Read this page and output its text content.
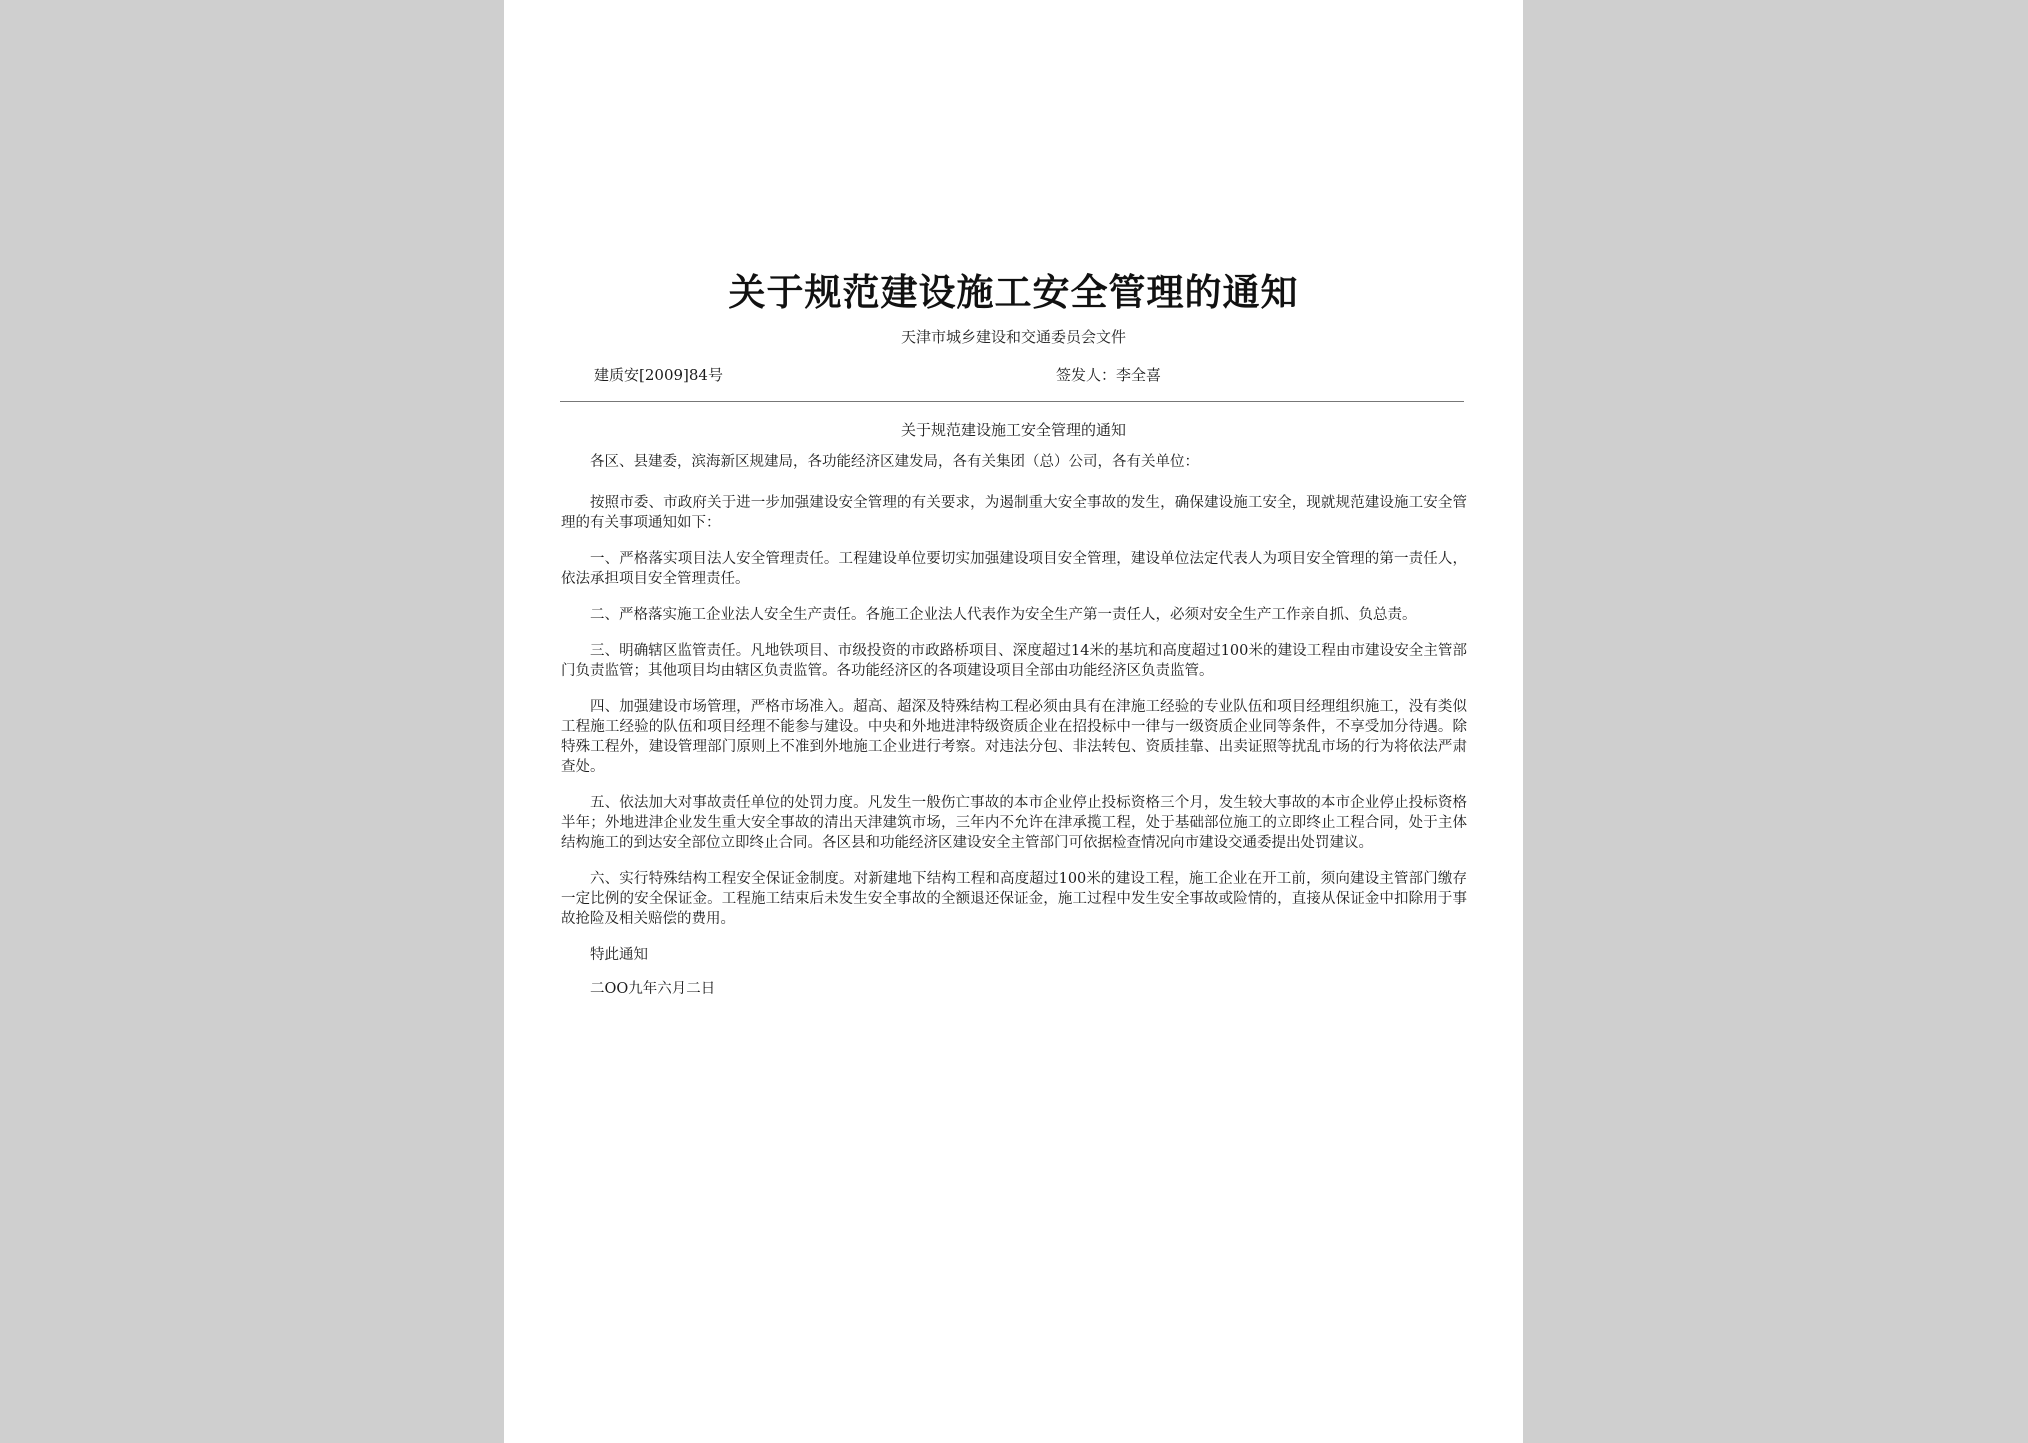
关于规范建设施工安全管理的通知
天津市城乡建设和交通委员会文件
建质安[2009]84号	签发人：李全喜
关于规范建设施工安全管理的通知

各区、县建委，滨海新区规建局，各功能经济区建发局，各有关集团（总）公司，各有关单位：

按照市委、市政府关于进一步加强建设安全管理的有关要求，为遏制重大安全事故的发生，确保建设施工安全，现就规范建设施工安全管理的有关事项通知如下：

一、严格落实项目法人安全管理责任。工程建设单位要切实加强建设项目安全管理，建设单位法定代表人为项目安全管理的第一责任人，依法承担项目安全管理责任。

二、严格落实施工企业法人安全生产责任。各施工企业法人代表作为安全生产第一责任人，必须对安全生产工作亲自抓、负总责。

三、明确辖区监管责任。凡地铁项目、市级投资的市政路桥项目、深度超过14米的基坑和高度超过100米的建设工程由市建设安全主管部门负责监管；其他项目均由辖区负责监管。各功能经济区的各项建设项目全部由功能经济区负责监管。

四、加强建设市场管理，严格市场准入。超高、超深及特殊结构工程必须由具有在津施工经验的专业队伍和项目经理组织施工，没有类似工程施工经验的队伍和项目经理不能参与建设。中央和外地进津特级资质企业在招投标中一律与一级资质企业同等条件，不享受加分待遇。除特殊工程外，建设管理部门原则上不准到外地施工企业进行考察。对违法分包、非法转包、资质挂靠、出卖证照等扰乱市场的行为将依法严肃查处。

五、依法加大对事故责任单位的处罚力度。凡发生一般伤亡事故的本市企业停止投标资格三个月，发生较大事故的本市企业停止投标资格半年；外地进津企业发生重大安全事故的清出天津建筑市场，三年内不允许在津承揽工程，处于基础部位施工的立即终止工程合同，处于主体结构施工的到达安全部位立即终止合同。各区县和功能经济区建设安全主管部门可依据检查情况向市建设交通委提出处罚建议。

六、实行特殊结构工程安全保证金制度。对新建地下结构工程和高度超过100米的建设工程，施工企业在开工前，须向建设主管部门缴存一定比例的安全保证金。工程施工结束后未发生安全事故的全额退还保证金，施工过程中发生安全事故或险情的，直接从保证金中扣除用于事故抢险及相关赔偿的费用。

特此通知

二OO九年六月二日
